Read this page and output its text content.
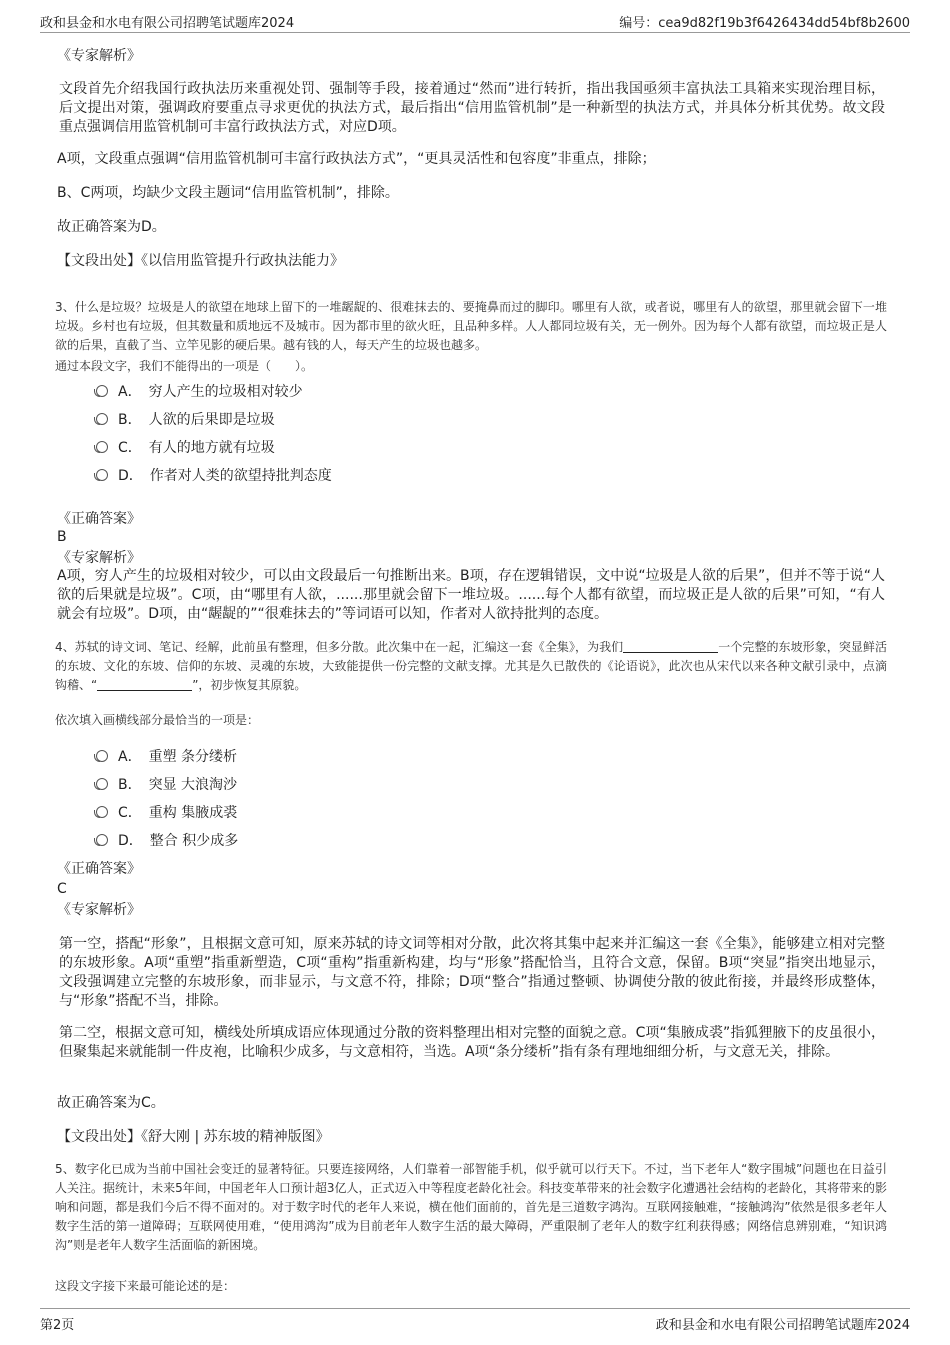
政和县金和水电有限公司招聘笔试题库2024	编号：cea9d82f19b3f6426434dd54bf8b2600
《专家解析》
文段首先介绍我国行政执法历来重视处罚、强制等手段，接着通过“然而”进行转折，指出我国亟须丰富执法工具箱来实现治理目标，后文提出对策，强调政府要重点寻求更优的执法方式，最后指出“信用监管机制”是一种新型的执法方式，并具体分析其优势。故文段重点强调信用监管机制可丰富行政执法方式，对应D项。
A项，文段重点强调“信用监管机制可丰富行政执法方式”，“更具灵活性和包容度”非重点，排除；
B、C两项，均缺少文段主题词“信用监管机制”，排除。
故正确答案为D。
【文段出处】《以信用监管提升行政执法能力》
3、什么是垃圾？垃圾是人的欲望在地球上留下的一堆龌龊的、很难抹去的、要掩鼻而过的脚印。哪里有人欲，或者说，哪里有人的欲望，那里就会留下一堆垃圾。乡村也有垃圾，但其数量和质地远不及城市。因为都市里的欲火旺，且品种多样。人人都同垃圾有关，无一例外。因为每个人都有欲望，而垃圾正是人欲的后果，直截了当、立竿见影的硬后果。越有钱的人，每天产生的垃圾也越多。
通过本段文字，我们不能得出的一项是（　　）。
A．　穷人产生的垃圾相对较少
B．　人欲的后果即是垃圾
C．　有人的地方就有垃圾
D．　作者对人类的欲望持批判态度
《正确答案》
B
《专家解析》
A项，穷人产生的垃圾相对较少，可以由文段最后一句推断出来。B项，存在逻辑错误，文中说“垃圾是人欲的后果”，但并不等于说“人欲的后果就是垃圾”。C项，由“哪里有人欲，......那里就会留下一堆垃圾。......每个人都有欲望，而垃圾正是人欲的后果”可知，“有人就会有垃圾”。D项，由“龌龊的”“很难抹去的”等词语可以知，作者对人欲持批判的态度。
4、苏轼的诗文词、笔记、经解，此前虽有整理，但多分散。此次集中在一起，汇编这一套《全集》，为我们	一个完整的东坡形象，突显鲜活的东坡、文化的东坡、信仰的东坡、灵魂的东坡，大致能提供一份完整的文献支撑。尤其是久已散佚的《论语说》，此次也从宋代以来各种文献引录中，点滴钩稽、“	”，初步恢复其原貌。
依次填入画横线部分最恰当的一项是：
A．　重塑 条分缕析
B．　突显 大浪淘沙
C．　重构 集腋成裘
D．　整合 积少成多
《正确答案》
C
《专家解析》
第一空，搭配“形象”，且根据文意可知，原来苏轼的诗文词等相对分散，此次将其集中起来并汇编这一套《全集》，能够建立相对完整的东坡形象。A项“重塑”指重新塑造，C项“重构”指重新构建，均与“形象”搭配恰当，且符合文意，保留。B项“突显”指突出地显示，文段强调建立完整的东坡形象，而非显示，与文意不符，排除；D项“整合”指通过整顿、协调使分散的彼此衔接，并最终形成整体，与“形象”搭配不当，排除。
第二空，根据文意可知，横线处所填成语应体现通过分散的资料整理出相对完整的面貌之意。C项“集腋成裘”指狐狸腋下的皮虽很小，但聚集起来就能制一件皮袍，比喻积少成多，与文意相符，当选。A项“条分缕析”指有条有理地细细分析，与文意无关，排除。
故正确答案为C。
【文段出处】《舒大刚 | 苏东坡的精神版图》
5、数字化已成为当前中国社会变迁的显著特征。只要连接网络，人们靠着一部智能手机，似乎就可以行天下。不过，当下老年人“数字围城”问题也在日益引人关注。据统计，未来5年间，中国老年人口预计超3亿人，正式迈入中等程度老龄化社会。科技变革带来的社会数字化遭遇社会结构的老龄化，其将带来的影响和问题，都是我们今后不得不面对的。对于数字时代的老年人来说，横在他们面前的，首先是三道数字鸿沟。互联网接触难，“接触鸿沟”依然是很多老年人数字生活的第一道障碍；互联网使用难，“使用鸿沟”成为目前老年人数字生活的最大障碍，严重限制了老年人的数字红利获得感；网络信息辨别难，“知识鸿沟”则是老年人数字生活面临的新困境。
这段文字接下来最可能论述的是：
第2页	政和县金和水电有限公司招聘笔试题库2024
